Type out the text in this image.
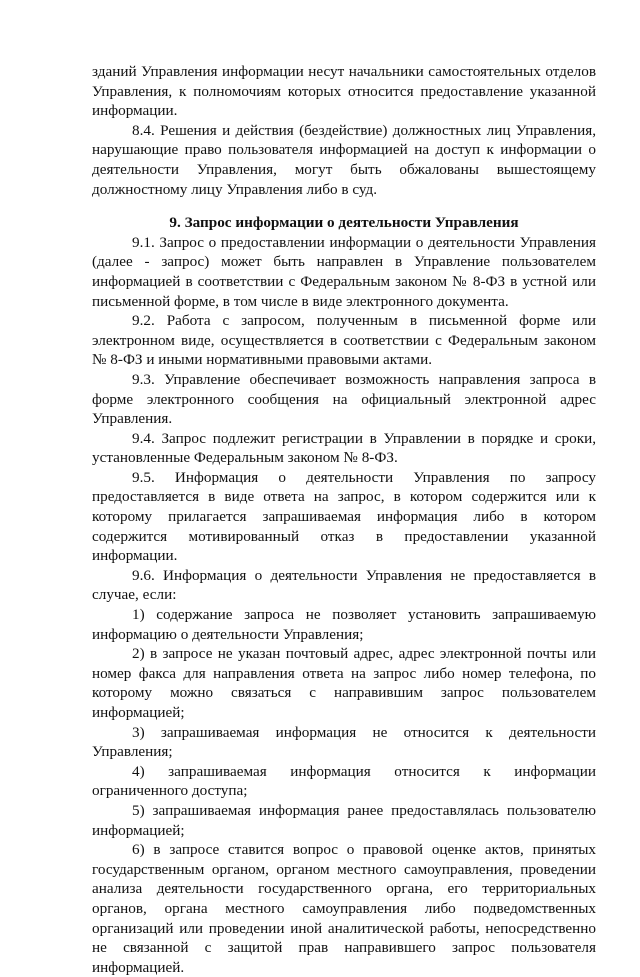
зданий Управления информации несут начальники самостоятельных отделов Управления, к полномочиям которых относится предоставление указанной информации.

8.4. Решения и действия (бездействие) должностных лиц Управления, нарушающие право пользователя информацией на доступ к информации о деятельности Управления, могут быть обжалованы вышестоящему должностному лицу Управления либо в суд.

9. Запрос информации о деятельности Управления

9.1. Запрос о предоставлении информации о деятельности Управления (далее - запрос) может быть направлен в Управление пользователем информацией в соответствии с Федеральным законом № 8-ФЗ в устной или письменной форме, в том числе в виде электронного документа.

9.2. Работа с запросом, полученным в письменной форме или электронном виде, осуществляется в соответствии с Федеральным законом № 8-ФЗ и иными нормативными правовыми актами.

9.3. Управление обеспечивает возможность направления запроса в форме электронного сообщения на официальный электронной адрес Управления.

9.4. Запрос подлежит регистрации в Управлении в порядке и сроки, установленные Федеральным законом № 8-ФЗ.

9.5. Информация о деятельности Управления по запросу предоставляется в виде ответа на запрос, в котором содержится или к которому прилагается запрашиваемая информация либо в котором содержится мотивированный отказ в предоставлении указанной информации.

9.6. Информация о деятельности Управления не предоставляется в случае, если:

1) содержание запроса не позволяет установить запрашиваемую информацию о деятельности Управления;

2) в запросе не указан почтовый адрес, адрес электронной почты или номер факса для направления ответа на запрос либо номер телефона, по которому можно связаться с направившим запрос пользователем информацией;

3) запрашиваемая информация не относится к деятельности Управления;

4) запрашиваемая информация относится к информации ограниченного доступа;

5) запрашиваемая информация ранее предоставлялась пользователю информацией;

6) в запросе ставится вопрос о правовой оценке актов, принятых государственным органом, органом местного самоуправления, проведении анализа деятельности государственного органа, его территориальных органов, органа местного самоуправления либо подведомственных организаций или проведении иной аналитической работы, непосредственно не связанной с защитой прав направившего запрос пользователя информацией.
